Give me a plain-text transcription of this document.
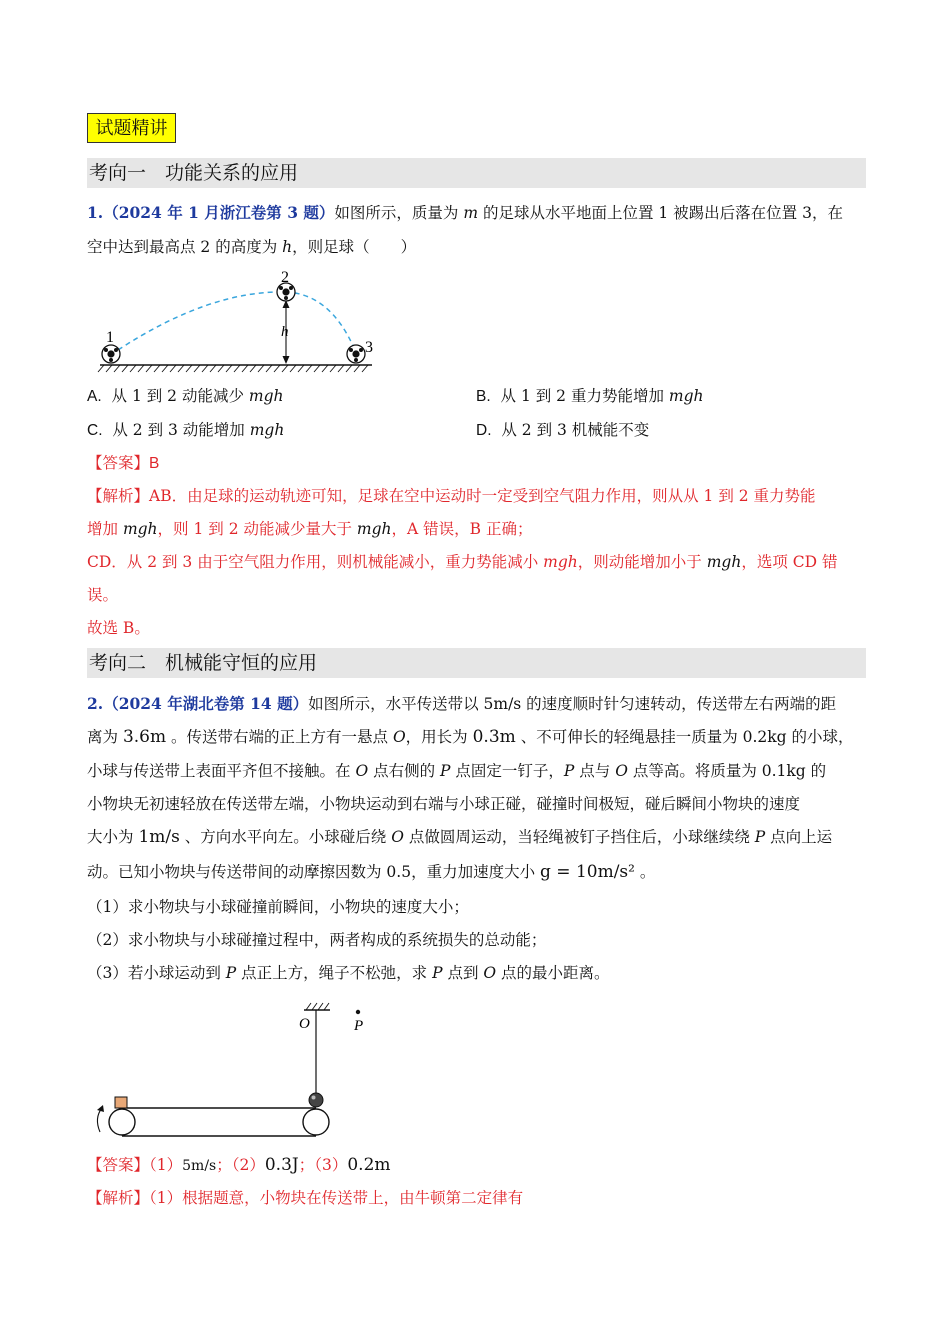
试题精讲
考向一　功能关系的应用
1.（2024 年 1 月浙江卷第 3 题）如图所示，质量为 m 的足球从水平地面上位置 1 被踢出后落在位置 3，在
空中达到最高点 2 的高度为 h，则足球（　　）
1
2
3
h
A. 从 1 到 2 动能减少 mgh	B. 从 1 到 2 重力势能增加 mgh
C. 从 2 到 3 动能增加 mgh	D. 从 2 到 3 机械能不变
【答案】B
【解析】AB．由足球的运动轨迹可知，足球在空中运动时一定受到空气阻力作用，则从从 1 到 2 重力势能
增加 mgh，则 1 到 2 动能减少量大于 mgh，A 错误，B 正确；
CD．从 2 到 3 由于空气阻力作用，则机械能减小，重力势能减小 mgh，则动能增加小于 mgh，选项 CD 错
误。
故选 B。
考向二　机械能守恒的应用
2.（2024 年湖北卷第 14 题）如图所示，水平传送带以 5m/s 的速度顺时针匀速转动，传送带左右两端的距
离为 3.6m 。传送带右端的正上方有一悬点 O，用长为 0.3m 、不可伸长的轻绳悬挂一质量为 0.2kg 的小球，
小球与传送带上表面平齐但不接触。在 O 点右侧的 P 点固定一钉子，P 点与 O 点等高。将质量为 0.1kg 的
小物块无初速轻放在传送带左端，小物块运动到右端与小球正碰，碰撞时间极短，碰后瞬间小物块的速度
大小为 1m/s 、方向水平向左。小球碰后绕 O 点做圆周运动，当轻绳被钉子挡住后，小球继续绕 P 点向上运
动。已知小物块与传送带间的动摩擦因数为 0.5，重力加速度大小 g = 10m/s² 。
（1）求小物块与小球碰撞前瞬间，小物块的速度大小；
（2）求小物块与小球碰撞过程中，两者构成的系统损失的总动能；
（3）若小球运动到 P 点正上方，绳子不松弛，求 P 点到 O 点的最小距离。
O	P
【答案】（1）5m/s；（2）0.3J；（3）0.2m
【解析】（1）根据题意，小物块在传送带上，由牛顿第二定律有
